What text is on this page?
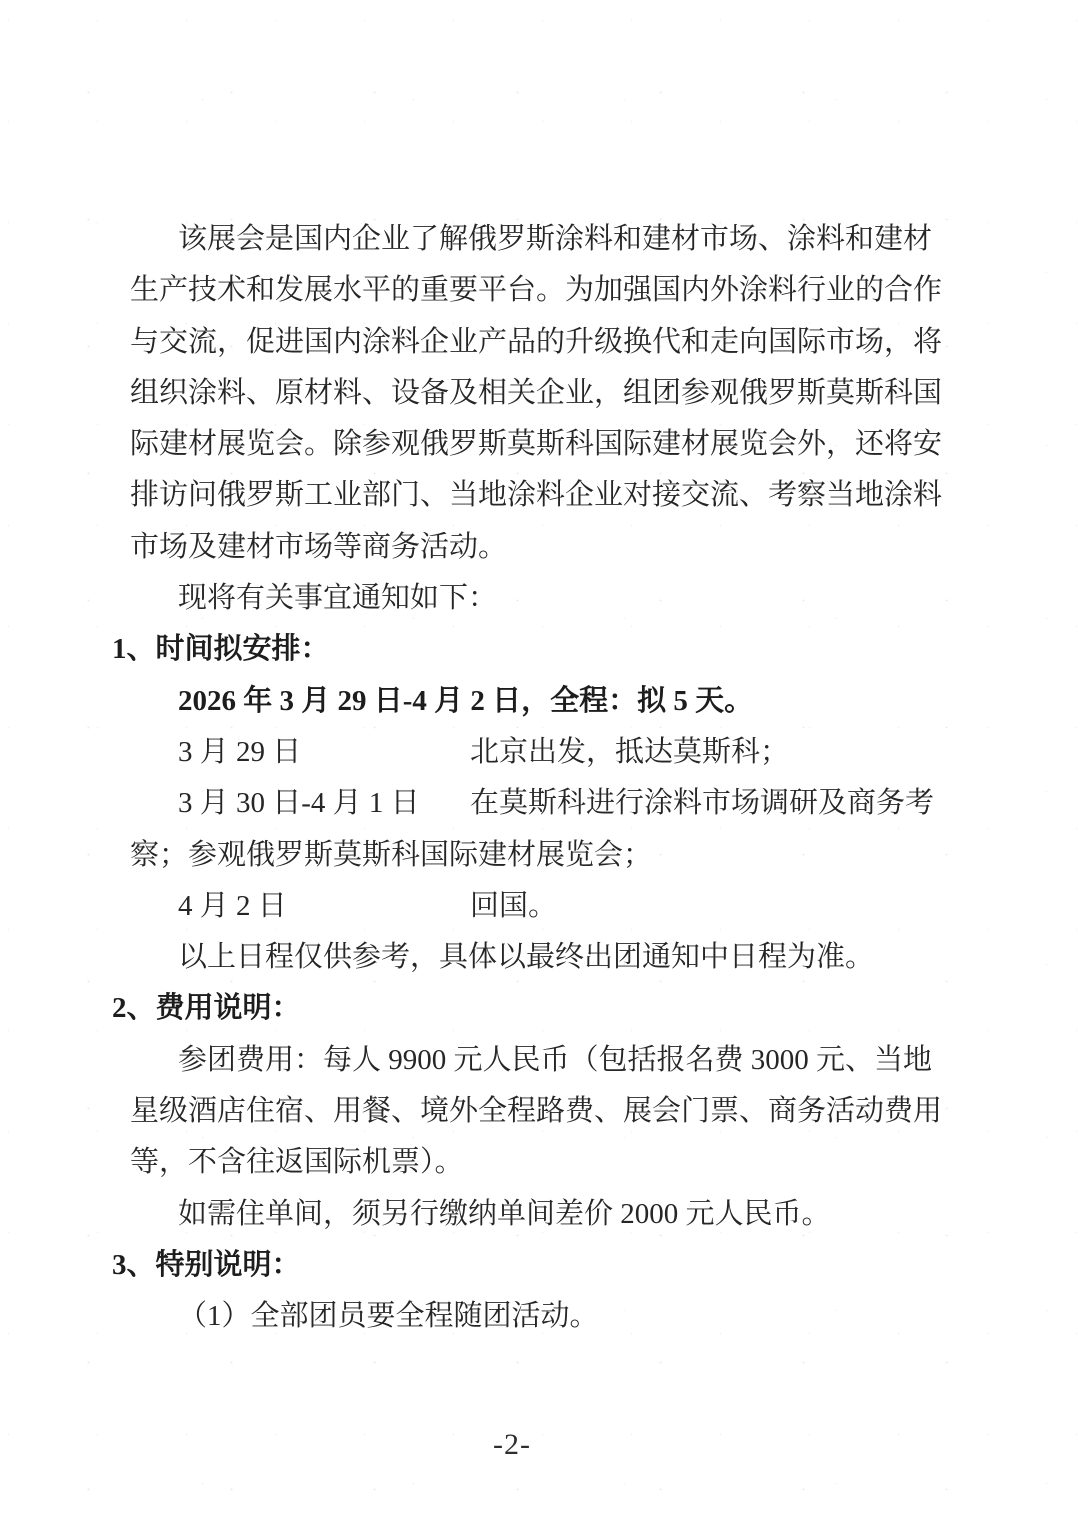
该展会是国内企业了解俄罗斯涂料和建材市场、涂料和建材生产技术和发展水平的重要平台。为加强国内外涂料行业的合作与交流，促进国内涂料企业产品的升级换代和走向国际市场，将组织涂料、原材料、设备及相关企业，组团参观俄罗斯莫斯科国际建材展览会。除参观俄罗斯莫斯科国际建材展览会外，还将安排访问俄罗斯工业部门、当地涂料企业对接交流、考察当地涂料市场及建材市场等商务活动。

现将有关事宜通知如下：

1、时间拟安排：

2026 年 3 月 29 日-4 月 2 日，全程：拟 5 天。

3 月 29 日	北京出发，抵达莫斯科；

3 月 30 日-4 月 1 日 在莫斯科进行涂料市场调研及商务考察；参观俄罗斯莫斯科国际建材展览会；

4 月 2 日	回国。

以上日程仅供参考，具体以最终出团通知中日程为准。

2、费用说明：

参团费用：每人 9900 元人民币（包括报名费 3000 元、当地星级酒店住宿、用餐、境外全程路费、展会门票、商务活动费用等，不含往返国际机票）。

如需住单间，须另行缴纳单间差价 2000 元人民币。

3、特别说明：

（1）全部团员要全程随团活动。

-2-
